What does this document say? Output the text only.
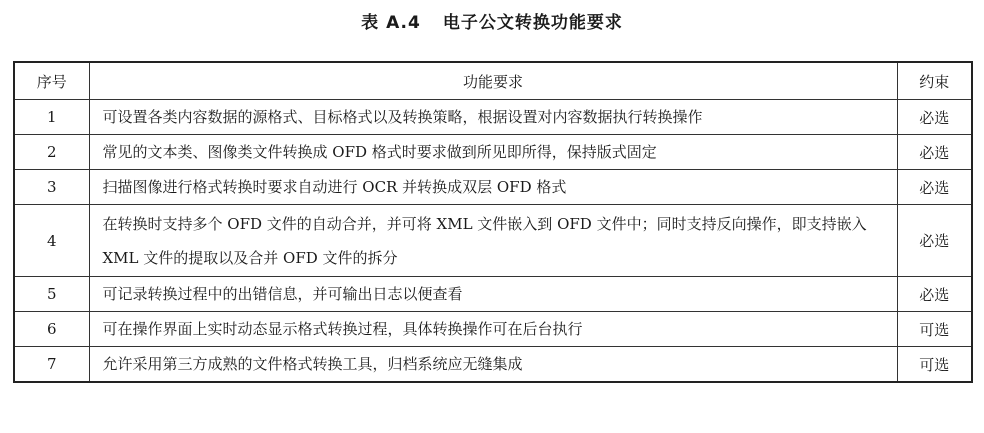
表 A.4 电子公文转换功能要求
序号	功能要求	约束
1	可设置各类内容数据的源格式、目标格式以及转换策略，根据设置对内容数据执行转换操作	必选
2	常见的文本类、图像类文件转换成 OFD 格式时要求做到所见即所得，保持版式固定	必选
3	扫描图像进行格式转换时要求自动进行 OCR 并转换成双层 OFD 格式	必选
4	在转换时支持多个 OFD 文件的自动合并，并可将 XML 文件嵌入到 OFD 文件中；同时支持反向操作，即支持嵌入 XML 文件的提取以及合并 OFD 文件的拆分	必选
5	可记录转换过程中的出错信息，并可输出日志以便查看	必选
6	可在操作界面上实时动态显示格式转换过程，具体转换操作可在后台执行	可选
7	允许采用第三方成熟的文件格式转换工具，归档系统应无缝集成	可选
